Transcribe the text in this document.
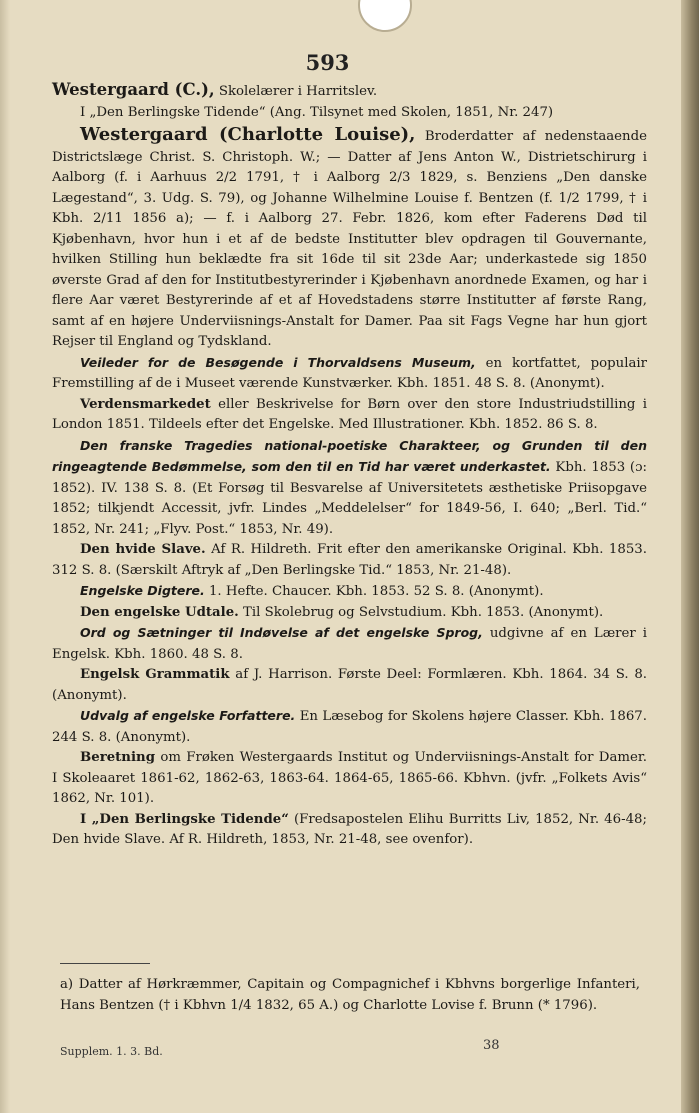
593

Westergaard (C.), Skolelærer i Harritslev.

I „Den Berlingske Tidende“ (Ang. Tilsynet med Skolen, 1851, Nr. 247)

Westergaard (Charlotte Louise), Broderdatter af nedenstaaende Districtslæge Christ. S. Christoph. W.; — Datter af Jens Anton W., Distrietschirurg i Aalborg (f. i Aarhuus 2/2 1791, † i Aalborg 2/3 1829, s. Benziens „Den danske Lægestand“, 3. Udg. S. 79), og Johanne Wilhelmine Louise f. Bentzen (f. 1/2 1799, † i Kbh. 2/11 1856 a); — f. i Aalborg 27. Febr. 1826, kom efter Faderens Død til Kjøbenhavn, hvor hun i et af de bedste Institutter blev opdragen til Gouvernante, hvilken Stilling hun beklædte fra sit 16de til sit 23de Aar; underkastede sig 1850 øverste Grad af den for Institutbestyrerinder i Kjøbenhavn anordnede Examen, og har i flere Aar været Bestyrerinde af et af Hovedstadens større Institutter af første Rang, samt af en højere Underviisnings-Anstalt for Damer. Paa sit Fags Vegne har hun gjort Rejser til England og Tydskland.

Veileder for de Besøgende i Thorvaldsens Museum, en kortfattet, populair Fremstilling af de i Museet værende Kunstværker. Kbh. 1851. 48 S. 8. (Anonymt).

Verdensmarkedet eller Beskrivelse for Børn over den store Industriudstilling i London 1851. Tildeels efter det Engelske. Med Illustrationer. Kbh. 1852. 86 S. 8.

Den franske Tragedies national-poetiske Charakteer, og Grunden til den ringeagtende Bedømmelse, som den til en Tid har været underkastet. Kbh. 1853 (ɔ: 1852). IV. 138 S. 8. (Et Forsøg til Besvarelse af Universitetets æsthetiske Priisopgave 1852; tilkjendt Accessit, jvfr. Lindes „Meddelelser“ for 1849-56, I. 640; „Berl. Tid.“ 1852, Nr. 241; „Flyv. Post.“ 1853, Nr. 49).

Den hvide Slave. Af R. Hildreth. Frit efter den amerikanske Original. Kbh. 1853. 312 S. 8. (Særskilt Aftryk af „Den Berlingske Tid.“ 1853, Nr. 21-48).

Engelske Digtere. 1. Hefte. Chaucer. Kbh. 1853. 52 S. 8. (Anonymt).

Den engelske Udtale. Til Skolebrug og Selvstudium. Kbh. 1853. (Anonymt).

Ord og Sætninger til Indøvelse af det engelske Sprog, udgivne af en Lærer i Engelsk. Kbh. 1860. 48 S. 8.

Engelsk Grammatik af J. Harrison. Første Deel: Formlæren. Kbh. 1864. 34 S. 8. (Anonymt).

Udvalg af engelske Forfattere. En Læsebog for Skolens højere Classer. Kbh. 1867. 244 S. 8. (Anonymt).

Beretning om Frøken Westergaards Institut og Underviisnings-Anstalt for Damer. I Skoleaaret 1861-62, 1862-63, 1863-64. 1864-65, 1865-66. Kbhvn. (jvfr. „Folkets Avis“ 1862, Nr. 101).

I „Den Berlingske Tidende“ (Fredsapostelen Elihu Burritts Liv, 1852, Nr. 46-48; Den hvide Slave. Af R. Hildreth, 1853, Nr. 21-48, see ovenfor).

a) Datter af Hørkræmmer, Capitain og Compagnichef i Kbhvns borgerlige Infanteri, Hans Bentzen († i Kbhvn 1/4 1832, 65 A.) og Charlotte Lovise f. Brunn (* 1796).

Supplem. 1. 3. Bd.	38
